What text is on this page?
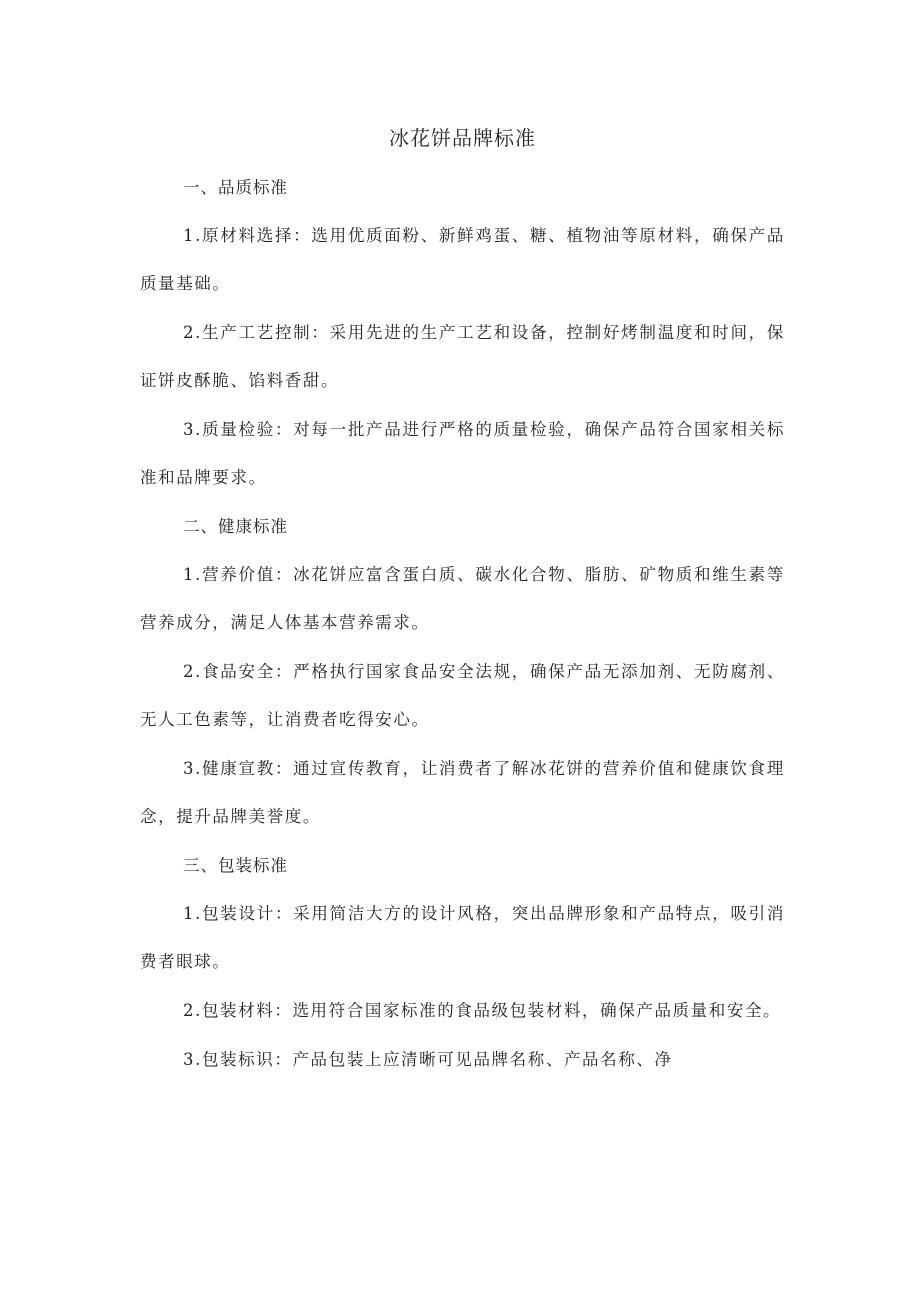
冰花饼品牌标准

一、品质标准

1.原材料选择：选用优质面粉、新鲜鸡蛋、糖、植物油等原材料，确保产品质量基础。

2.生产工艺控制：采用先进的生产工艺和设备，控制好烤制温度和时间，保证饼皮酥脆、馅料香甜。

3.质量检验：对每一批产品进行严格的质量检验，确保产品符合国家相关标准和品牌要求。

二、健康标准

1.营养价值：冰花饼应富含蛋白质、碳水化合物、脂肪、矿物质和维生素等营养成分，满足人体基本营养需求。

2.食品安全：严格执行国家食品安全法规，确保产品无添加剂、无防腐剂、无人工色素等，让消费者吃得安心。

3.健康宣教：通过宣传教育，让消费者了解冰花饼的营养价值和健康饮食理念，提升品牌美誉度。

三、包装标准

1.包装设计：采用简洁大方的设计风格，突出品牌形象和产品特点，吸引消费者眼球。

2.包装材料：选用符合国家标准的食品级包装材料，确保产品质量和安全。

3.包装标识：产品包装上应清晰可见品牌名称、产品名称、净
